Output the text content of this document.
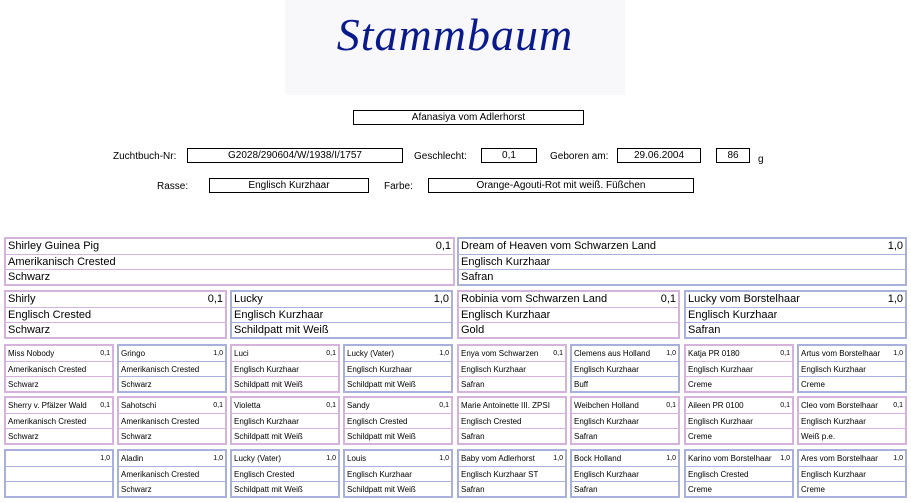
Stammbaum
Afanasiya vom Adlerhorst
Zuchtbuch-Nr:	G2028/290604/W/1938/I/1757	Geschlecht:	0,1	Geboren am:	29.06.2004	86	g
Rasse:	Englisch Kurzhaar	Farbe:	Orange-Agouti-Rot mit weiß. Füßchen
Shirley Guinea Pig	0,1
Amerikanisch Crested
Schwarz
Dream of Heaven vom Schwarzen Land	1,0
Englisch Kurzhaar
Safran
Shirly	0,1
Englisch Crested
Schwarz
Lucky	1,0
Englisch Kurzhaar
Schildpatt mit Weiß
Robinia vom Schwarzen Land	0,1
Englisch Kurzhaar
Gold
Lucky vom Borstelhaar	1,0
Englisch Kurzhaar
Safran
Miss Nobody	0,1
Amerikanisch Crested
Schwarz
Gringo	1,0
Amerikanisch Crested
Schwarz
Luci	0,1
Englisch Kurzhaar
Schildpatt mit Weiß
Lucky (Vater)	1,0
Englisch Kurzhaar
Schildpatt mit Weiß
Enya vom Schwarzen 0,1
Englisch Kurzhaar
Safran
Clemens aus Holland 1,0
Englisch Kurzhaar
Buff
Katja PR 0180	0,1
Englisch Kurzhaar
Creme
Artus vom Borstelhaar 1,0
Englisch Kurzhaar
Creme
Sherry v. Pfälzer Wald 0,1
Amerikanisch Crested
Schwarz
Sahotschi	0,1
Amerikanisch Crested
Schwarz
Violetta	0,1
Englisch Kurzhaar
Schildpatt mit Weiß
Sandy	0,1
Englisch Crested
Schildpatt mit Weiß
Marie Antoinette III. ZPSI
Englisch Crested
Safran
Weibchen Holland	0,1
Englisch Kurzhaar
Safran
Aileen PR 0100	0,1
Englisch Kurzhaar
Creme
Cleo vom Borstelhaar 0,1
Englisch Kurzhaar
Weiß p.e.
1,0 Aladin	1,0
Amerikanisch Crested
Schwarz
Lucky (Vater)	1,0
Englisch Crested
Schildpatt mit Weiß
Louis	1,0
Englisch Kurzhaar
Schildpatt mit Weiß
Baby vom Adlerhorst	1,0
Englisch Kurzhaar ST
Safran
Bock Holland	1,0
Englisch Kurzhaar
Safran
Karino vom Borstelhaar 1,0
Englisch Crested
Creme
Ares vom Borstelhaar 1,0
Englisch Kurzhaar
Creme
